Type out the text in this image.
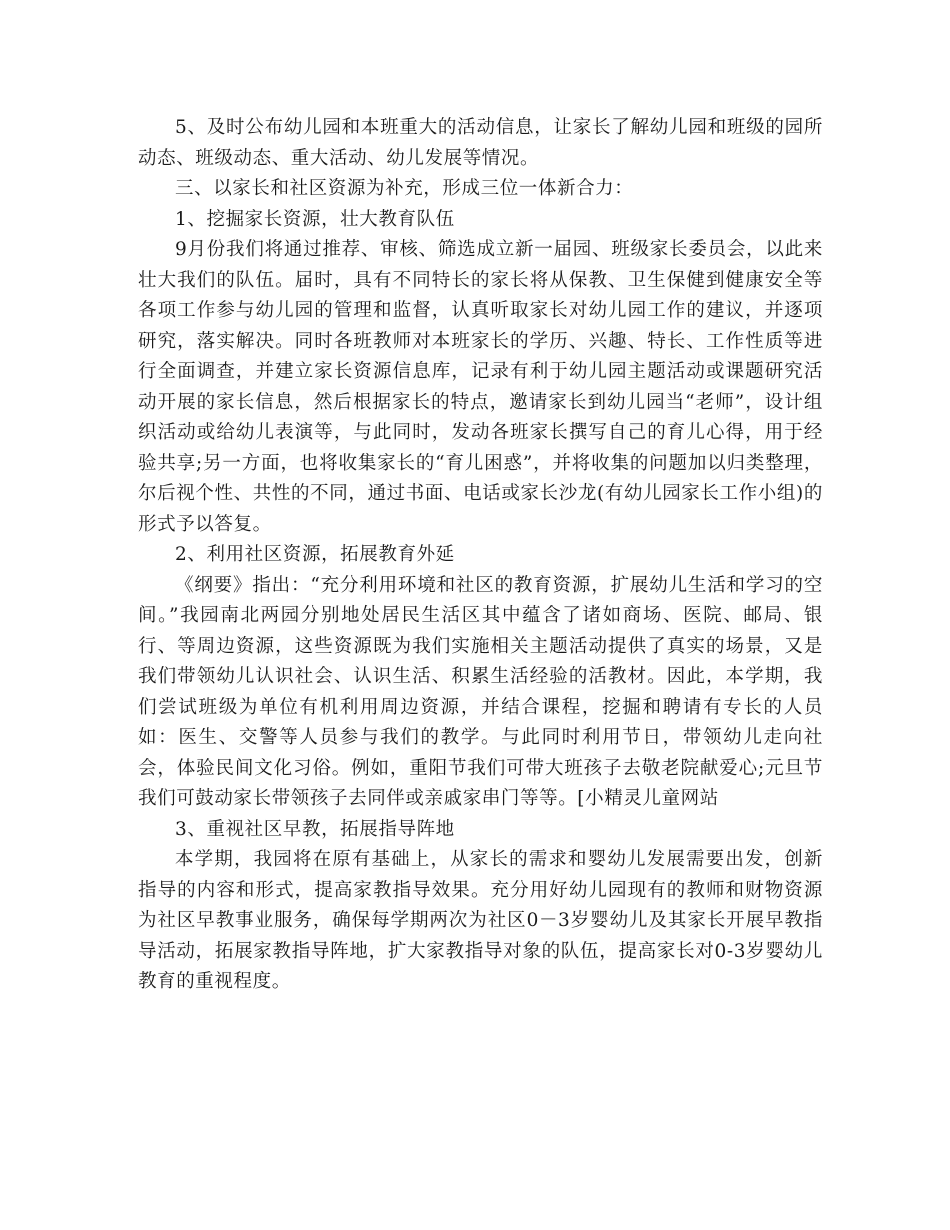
5、及时公布幼儿园和本班重大的活动信息，让家长了解幼儿园和班级的园所动态、班级动态、重大活动、幼儿发展等情况。

三、以家长和社区资源为补充，形成三位一体新合力：

1、挖掘家长资源，壮大教育队伍

9月份我们将通过推荐、审核、筛选成立新一届园、班级家长委员会，以此来壮大我们的队伍。届时，具有不同特长的家长将从保教、卫生保健到健康安全等各项工作参与幼儿园的管理和监督，认真听取家长对幼儿园工作的建议，并逐项研究，落实解决。同时各班教师对本班家长的学历、兴趣、特长、工作性质等进行全面调查，并建立家长资源信息库，记录有利于幼儿园主题活动或课题研究活动开展的家长信息，然后根据家长的特点，邀请家长到幼儿园当“老师”，设计组织活动或给幼儿表演等，与此同时，发动各班家长撰写自己的育儿心得，用于经验共享;另一方面，也将收集家长的“育儿困惑”，并将收集的问题加以归类整理，尔后视个性、共性的不同，通过书面、电话或家长沙龙(有幼儿园家长工作小组)的形式予以答复。

2、利用社区资源，拓展教育外延

《纲要》指出：“充分利用环境和社区的教育资源，扩展幼儿生活和学习的空间。”我园南北两园分别地处居民生活区其中蕴含了诸如商场、医院、邮局、银行、等周边资源，这些资源既为我们实施相关主题活动提供了真实的场景，又是我们带领幼儿认识社会、认识生活、积累生活经验的活教材。因此，本学期，我们尝试班级为单位有机利用周边资源，并结合课程，挖掘和聘请有专长的人员如：医生、交警等人员参与我们的教学。与此同时利用节日，带领幼儿走向社会，体验民间文化习俗。例如，重阳节我们可带大班孩子去敬老院献爱心;元旦节我们可鼓动家长带领孩子去同伴或亲戚家串门等等。[小精灵儿童网站

3、重视社区早教，拓展指导阵地

本学期，我园将在原有基础上，从家长的需求和婴幼儿发展需要出发，创新指导的内容和形式，提高家教指导效果。充分用好幼儿园现有的教师和财物资源为社区早教事业服务，确保每学期两次为社区0－3岁婴幼儿及其家长开展早教指导活动，拓展家教指导阵地，扩大家教指导对象的队伍，提高家长对0-3岁婴幼儿教育的重视程度。
